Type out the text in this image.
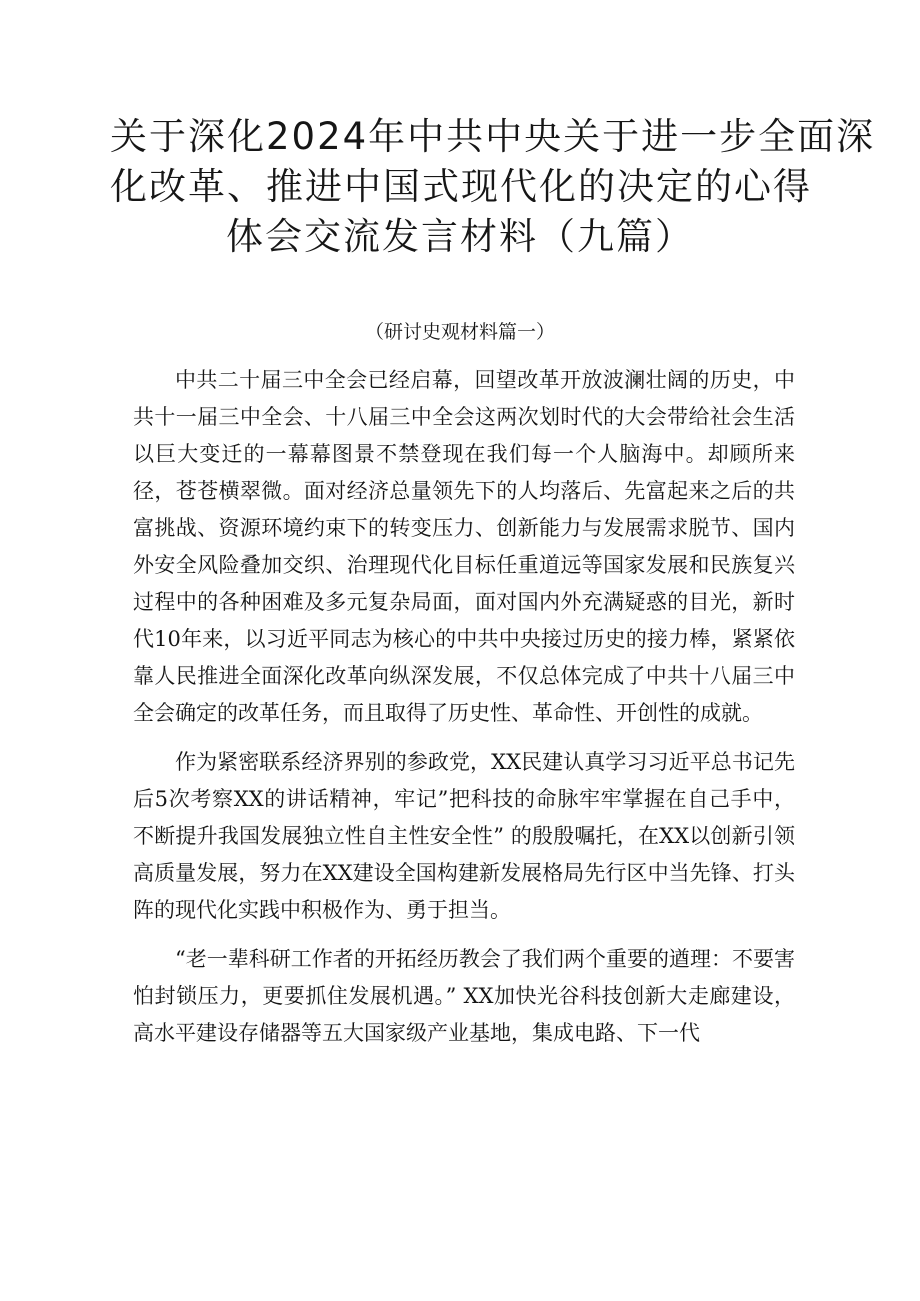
关于深化2024年中共中央关于进一步全面深
化改革、推进中国式现代化的决定的心得
体会交流发言材料（九篇）
（研讨史观材料篇一）

中共二十届三中全会已经启幕，回望改革开放波澜壮阔的历史，中共十一届三中全会、十八届三中全会这两次划时代的大会带给社会生活以巨大变迁的一幕幕图景不禁登现在我们每一个人脑海中。却顾所来径，苍苍横翠微。面对经济总量领先下的人均落后、先富起来之后的共富挑战、资源环境约束下的转变压力、创新能力与发展需求脱节、国内外安全风险叠加交织、治理现代化目标任重道远等国家发展和民族复兴过程中的各种困难及多元复杂局面，面对国内外充满疑惑的目光，新时代10年来，以习近平同志为核心的中共中央接过历史的接力棒，紧紧依靠人民推进全面深化改革向纵深发展，不仅总体完成了中共十八届三中全会确定的改革任务，而且取得了历史性、革命性、开创性的成就。

作为紧密联系经济界别的参政党，XX民建认真学习习近平总书记先后5次考察XX的讲话精神，牢记”把科技的命脉牢牢掌握在自己手中，不断提升我国发展独立性自主性安全性” 的殷殷嘱托，在XX以创新引领高质量发展，努力在XX建设全国构建新发展格局先行区中当先锋、打头阵的现代化实践中积极作为、勇于担当。

“老一辈科研工作者的开拓经历教会了我们两个重要的遒理：不要害怕封锁压力，更要抓住发展机遇。” XX加快光谷科技创新大走廊建设，高水平建设存储器等五大国家级产业基地，集成电路、下一代
